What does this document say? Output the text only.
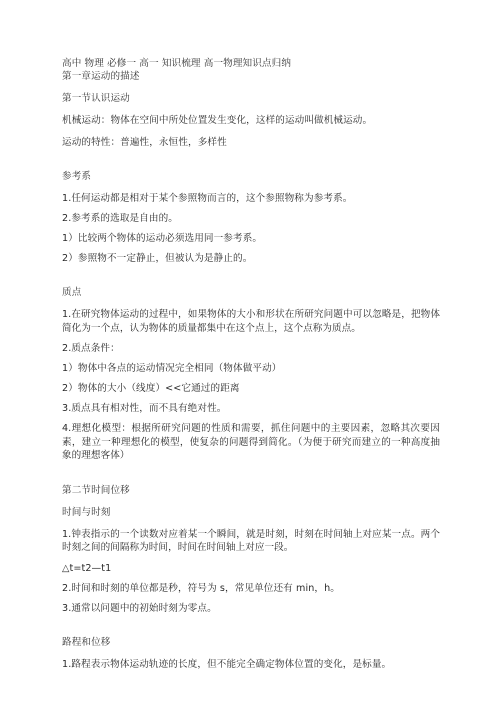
高中 物理 必修一 高一 知识梳理 高一物理知识点归纳
第一章运动的描述
第一节认识运动
机械运动：物体在空间中所处位置发生变化，这样的运动叫做机械运动。
运动的特性：普遍性，永恒性，多样性
参考系
1.任何运动都是相对于某个参照物而言的，这个参照物称为参考系。
2.参考系的选取是自由的。
1）比较两个物体的运动必须选用同一参考系。
2）参照物不一定静止，但被认为是静止的。
质点
1.在研究物体运动的过程中，如果物体的大小和形状在所研究问题中可以忽略是，把物体简化为一个点，认为物体的质量都集中在这个点上，这个点称为质点。
2.质点条件：
1）物体中各点的运动情况完全相同（物体做平动）
2）物体的大小（线度）<<它通过的距离
3.质点具有相对性，而不具有绝对性。
4.理想化模型：根据所研究问题的性质和需要，抓住问题中的主要因素，忽略其次要因素，建立一种理想化的模型，使复杂的问题得到简化。（为便于研究而建立的一种高度抽象的理想客体）
第二节时间位移
时间与时刻
1.钟表指示的一个读数对应着某一个瞬间，就是时刻，时刻在时间轴上对应某一点。两个时刻之间的间隔称为时间，时间在时间轴上对应一段。
△t=t2—t1
2.时间和时刻的单位都是秒，符号为 s，常见单位还有 min，h。
3.通常以问题中的初始时刻为零点。
路程和位移
1.路程表示物体运动轨迹的长度，但不能完全确定物体位置的变化，是标量。
